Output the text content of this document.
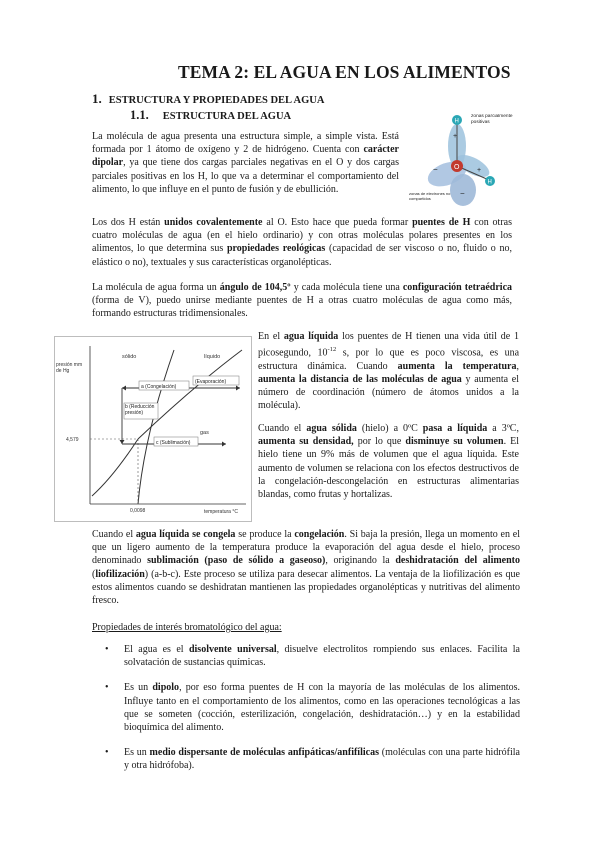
TEMA 2: EL AGUA EN LOS ALIMENTOS
1. ESTRUCTURA Y PROPIEDADES DEL AGUA
1.1. ESTRUCTURA DEL AGUA
O
H
H
+
+
−
−
zonas parcialmente positivas
zonas de electrones no compartidos

La molécula de agua presenta una estructura simple, a simple vista. Está formada por 1 átomo de oxígeno y 2 de hidrógeno. Cuenta con carácter dipolar, ya que tiene dos cargas parciales negativas en el O y dos cargas parciales positivas en los H, lo que va a determinar el comportamiento del alimento, lo que influye en el punto de fusión y de ebullición.

Los dos H están unidos covalentemente al O. Esto hace que pueda formar puentes de H con otras cuatro moléculas de agua (en el hielo ordinario) y con otras moléculas polares presentes en los alimentos, lo que determina sus propiedades reológicas (capacidad de ser viscoso o no, fluido o no, elástico o no), textuales y sus características organolépticas.

La molécula de agua forma un ángulo de 104,5º y cada molécula tiene una configuración tetraédrica (forma de V), puedo unirse mediante puentes de H a otras cuatro moléculas de agua como más, formando estructuras tridimensionales.

a (Congelación)
(Evaporación)
b (Reducción presión)
c (Sublimación)
sólido	líquido
gas
presión mm de Hg
4,579
0,0098	temperatura °C

En el agua líquida los puentes de H tienen una vida útil de 1 picosegundo, $10^{-12}$ s, por lo que es poco viscosa, es una estructura dinámica. Cuando aumenta la temperatura, aumenta la distancia de las moléculas de agua y aumenta el número de coordinación (número de átomos unidos a la molécula).

Cuando el agua sólida (hielo) a 0ºC pasa a líquida a 3ºC, aumenta su densidad, por lo que disminuye su volumen. El hielo tiene un 9% más de volumen que el agua líquida. Este aumento de volumen se relaciona con los efectos destructivos de la congelación-descongelación en estructuras alimentarias blandas, como frutas y hortalizas.

Cuando el agua líquida se congela se produce la congelación. Si baja la presión, llega un momento en el que un ligero aumento de la temperatura produce la evaporación del agua desde el hielo, proceso denominado sublimación (paso de sólido a gaseoso), originando la deshidratación del alimento (liofilización) (a-b-c). Este proceso se utiliza para desecar alimentos. La ventaja de la liofilización es que estos alimentos cuando se deshidratan mantienen las propiedades organolépticas y nutritivas del alimento fresco.

Propiedades de interés bromatológico del agua:
• El agua es el disolvente universal, disuelve electrolitos rompiendo sus enlaces. Facilita la solvatación de sustancias químicas.
• Es un dipolo, por eso forma puentes de H con la mayoría de las moléculas de los alimentos. Influye tanto en el comportamiento de los alimentos, como en las operaciones tecnológicas a las que se someten (cocción, esterilización, congelación, deshidratación…) y en la estabilidad bioquímica del alimento.
• Es un medio dispersante de moléculas anfipáticas/anfifílicas (moléculas con una parte hidrófila y otra hidrófoba).
